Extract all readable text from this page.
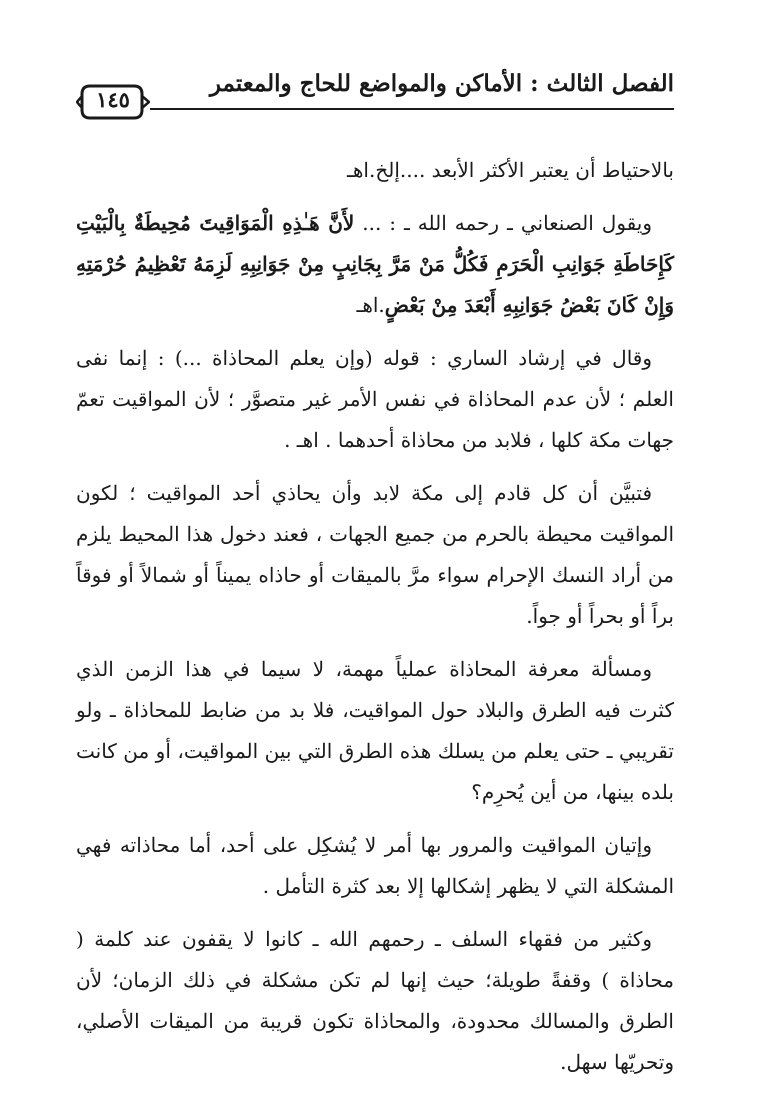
الفصل الثالث : الأماكن والمواضع للحاج والمعتمر
١٤٥

بالاحتياط أن يعتبر الأكثر الأبعد ....إلخ.اهـ

ويقول الصنعاني ـ رحمه الله ـ : ... لأَنَّ هَـٰذِهِ الْمَوَاقِيتَ مُحِيطَةٌ بِالْبَيْتِ كَإِحَاطَةِ جَوَانِبِ الْحَرَمِ فَكُلُّ مَنْ مَرَّ بِجَانِبٍ مِنْ جَوَانِبِهِ لَزِمَهُ تَعْظِيمُ حُرْمَتِهِ وَإِنْ كَانَ بَعْضُ جَوَانِبِهِ أَبْعَدَ مِنْ بَعْضٍ.اهـ

وقال في إرشاد الساري : قوله (وإن يعلم المحاذاة ...) : إنما نفى العلم ؛ لأن عدم المحاذاة في نفس الأمر غير متصوَّر ؛ لأن المواقيت تعمّ جهات مكة كلها ، فلابد من محاذاة أحدهما . اهـ .

فتبيَّن أن كل قادم إلى مكة لابد وأن يحاذي أحد المواقيت ؛ لكون المواقيت محيطة بالحرم من جميع الجهات ، فعند دخول هذا المحيط يلزم من أراد النسك الإحرام سواء مرَّ بالميقات أو حاذاه يميناً أو شمالاً أو فوقاً براً أو بحراً أو جواً.

ومسألة معرفة المحاذاة عملياً مهمة، لا سيما في هذا الزمن الذي كثرت فيه الطرق والبلاد حول المواقيت، فلا بد من ضابط للمحاذاة ـ ولو تقريبي ـ حتى يعلم من يسلك هذه الطرق التي بين المواقيت، أو من كانت بلده بينها، من أين يُحرِم؟

وإتيان المواقيت والمرور بها أمر لا يُشكِل على أحد، أما محاذاته فهي المشكلة التي لا يظهر إشكالها إلا بعد كثرة التأمل .

وكثير من فقهاء السلف ـ رحمهم الله ـ كانوا لا يقفون عند كلمة ( محاذاة ) وقفةً طويلة؛ حيث إنها لم تكن مشكلة في ذلك الزمان؛ لأن الطرق والمسالك محدودة، والمحاذاة تكون قريبة من الميقات الأصلي، وتحريّها سهل.
